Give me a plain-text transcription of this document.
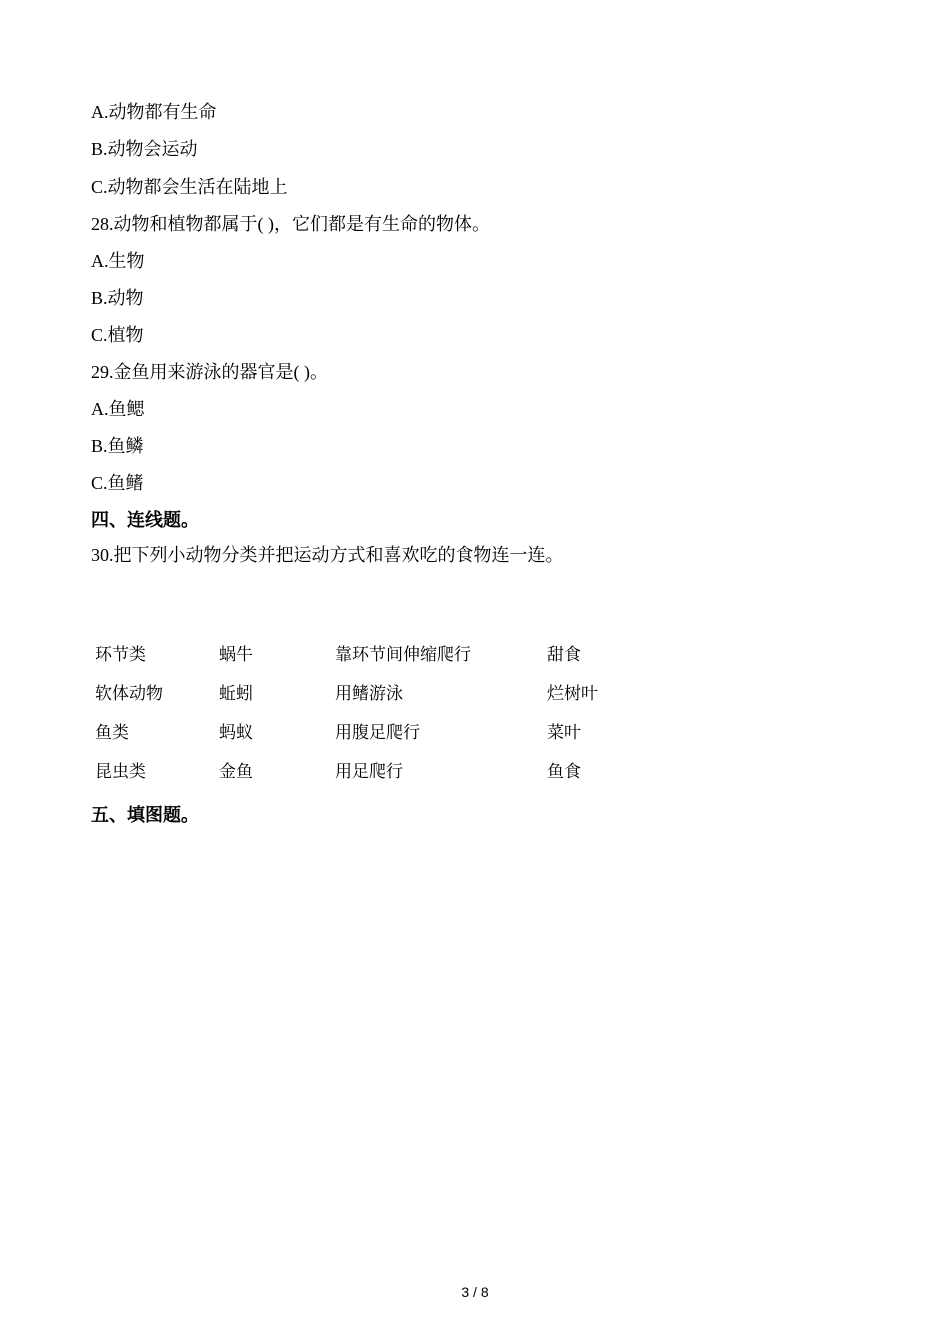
A.动物都有生命
B.动物会运动
C.动物都会生活在陆地上
28.动物和植物都属于( )，它们都是有生命的物体。
A.生物
B.动物
C.植物
29.金鱼用来游泳的器官是( )。
A.鱼鳃
B.鱼鳞
C.鱼鳍
四、连线题。
30.把下列小动物分类并把运动方式和喜欢吃的食物连一连。
环节类	蜗牛	靠环节间伸缩爬行	甜食
软体动物	蚯蚓	用鳍游泳	烂树叶
鱼类	蚂蚁	用腹足爬行	菜叶
昆虫类	金鱼	用足爬行	鱼食
五、填图题。
3 / 8
